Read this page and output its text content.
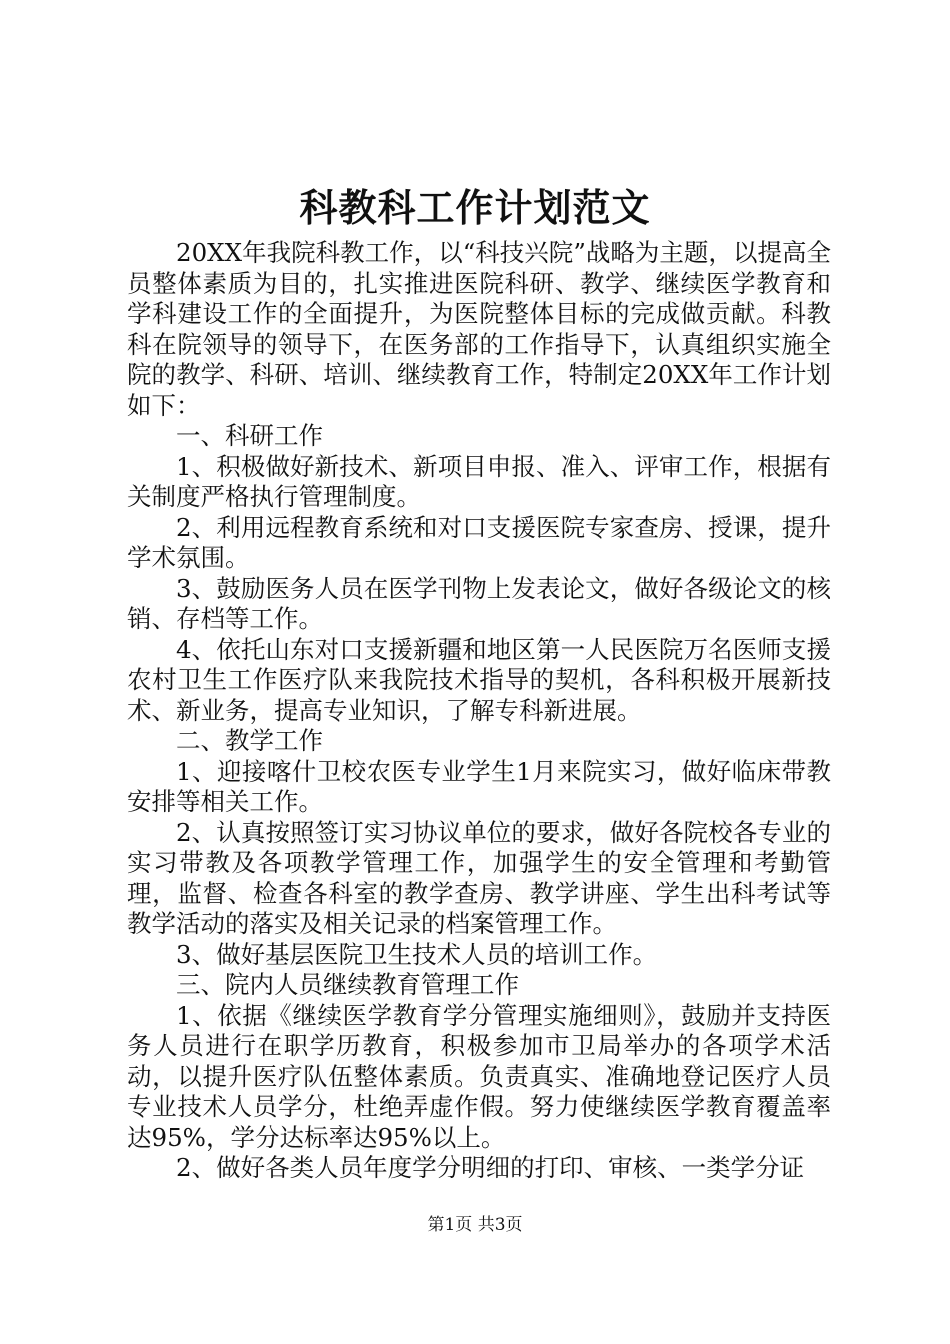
科教科工作计划范文

20XX年我院科教工作，以“科技兴院”战略为主题，以提高全员整体素质为目的，扎实推进医院科研、教学、继续医学教育和学科建设工作的全面提升，为医院整体目标的完成做贡献。科教科在院领导的领导下，在医务部的工作指导下，认真组织实施全院的教学、科研、培训、继续教育工作，特制定20XX年工作计划如下：

一、科研工作

1、积极做好新技术、新项目申报、准入、评审工作，根据有关制度严格执行管理制度。

2、利用远程教育系统和对口支援医院专家查房、授课，提升学术氛围。

3、鼓励医务人员在医学刊物上发表论文，做好各级论文的核销、存档等工作。

4、依托山东对口支援新疆和地区第一人民医院万名医师支援农村卫生工作医疗队来我院技术指导的契机，各科积极开展新技术、新业务，提高专业知识，了解专科新进展。

二、教学工作

1、迎接喀什卫校农医专业学生1月来院实习，做好临床带教安排等相关工作。

2、认真按照签订实习协议单位的要求，做好各院校各专业的实习带教及各项教学管理工作，加强学生的安全管理和考勤管理，监督、检查各科室的教学查房、教学讲座、学生出科考试等教学活动的落实及相关记录的档案管理工作。

3、做好基层医院卫生技术人员的培训工作。

三、院内人员继续教育管理工作

1、依据《继续医学教育学分管理实施细则》，鼓励并支持医务人员进行在职学历教育，积极参加市卫局举办的各项学术活动，以提升医疗队伍整体素质。负责真实、准确地登记医疗人员专业技术人员学分，杜绝弄虚作假。努力使继续医学教育覆盖率达95%，学分达标率达95%以上。

2、做好各类人员年度学分明细的打印、审核、一类学分证

第1页 共3页
